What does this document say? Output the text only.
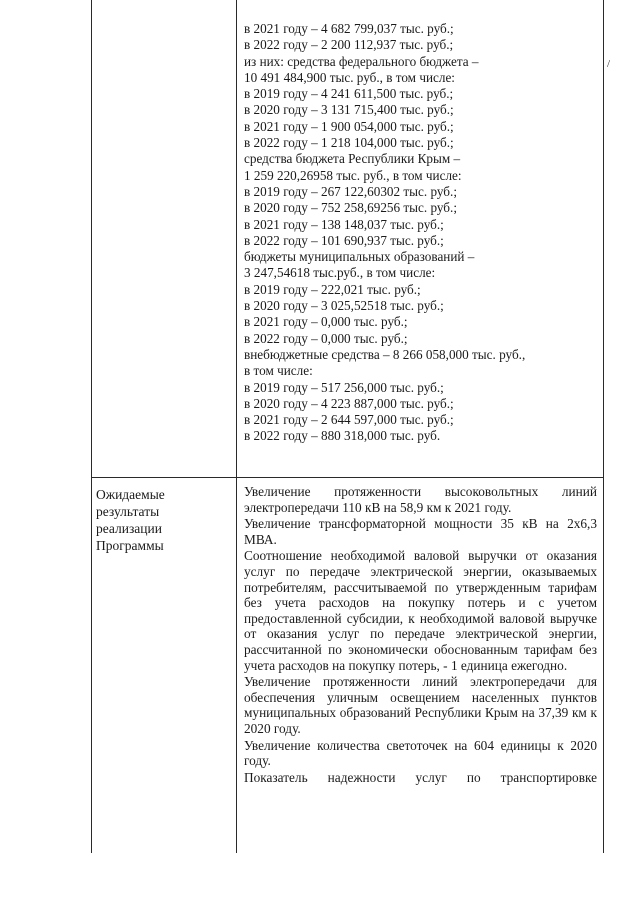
в 2021 году – 4 682 799,037 тыс. руб.;
в 2022 году – 2 200 112,937 тыс. руб.;
из них: средства федерального бюджета –
10 491 484,900 тыс. руб., в том числе:
в 2019 году – 4 241 611,500 тыс. руб.;
в 2020 году – 3 131 715,400 тыс. руб.;
в 2021 году – 1 900 054,000 тыс. руб.;
в 2022 году – 1 218 104,000 тыс. руб.;
средства бюджета Республики Крым –
1 259 220,26958 тыс. руб., в том числе:
в 2019 году – 267 122,60302 тыс. руб.;
в 2020 году – 752 258,69256 тыс. руб.;
в 2021 году – 138 148,037 тыс. руб.;
в 2022 году – 101 690,937 тыс. руб.;
бюджеты муниципальных образований –
3 247,54618 тыс.руб., в том числе:
в 2019 году – 222,021 тыс. руб.;
в 2020 году – 3 025,52518 тыс. руб.;
в 2021 году – 0,000 тыс. руб.;
в 2022 году – 0,000 тыс. руб.;
внебюджетные средства – 8 266 058,000 тыс. руб.,
в том числе:
в 2019 году – 517 256,000 тыс. руб.;
в 2020 году – 4 223 887,000 тыс. руб.;
в 2021 году – 2 644 597,000 тыс. руб.;
в 2022 году – 880 318,000 тыс. руб.
Ожидаемые результаты реализации Программы
Увеличение протяженности высоковольтных линий электропередачи 110 кВ на 58,9 км к 2021 году.
Увеличение трансформаторной мощности 35 кВ на 2х6,3 МВА.
Соотношение необходимой валовой выручки от оказания услуг по передаче электрической энергии, оказываемых потребителям, рассчитываемой по утвержденным тарифам без учета расходов на покупку потерь и с учетом предоставленной субсидии, к необходимой валовой выручке от оказания услуг по передаче электрической энергии, рассчитанной по экономически обоснованным тарифам без учета расходов на покупку потерь, - 1 единица ежегодно.
Увеличение протяженности линий электропередачи для обеспечения уличным освещением населенных пунктов муниципальных образований Республики Крым на 37,39 км к 2020 году.
Увеличение количества светоточек на 604 единицы к 2020 году.
Показатель надежности услуг по транспортировке
/
